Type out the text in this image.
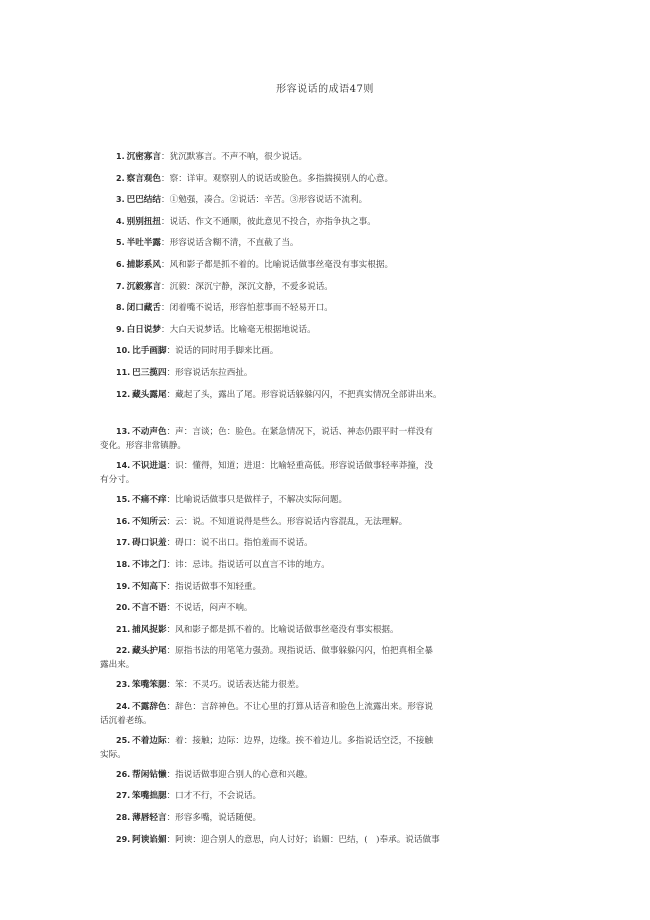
形容说话的成语47则
1. 沉密寡言：犹沉默寡言。不声不响，很少说话。
2. 察言观色：察：详审。观察别人的说话或脸色。多指揣摸别人的心意。
3. 巴巴结结：①勉强，凑合。②说话：辛苦。③形容说话不流利。
4. 别别扭扭：说话、作文不通顺，彼此意见不投合，亦指争执之事。
5. 半吐半露：形容说话含糊不清，不直截了当。
6. 捕影系风：风和影子都是抓不着的。比喻说话做事丝毫没有事实根据。
7. 沉毅寡言：沉毅：深沉宁静，深沉文静，不爱多说话。
8. 闭口藏舌：闭着嘴不说话，形容怕惹事而不轻易开口。
9. 白日说梦：大白天说梦话。比喻毫无根据地说话。
10. 比手画脚：说话的同时用手脚来比画。
11. 巴三揽四：形容说话东拉西扯。
12. 藏头露尾：藏起了头，露出了尾。形容说话躲躲闪闪，不把真实情况全部讲出来。
13. 不动声色：声：言谈；色：脸色。在紧急情况下，说话、神态仍跟平时一样没有
变化。形容非常镇静。
14. 不识进退：识：懂得，知道；进退：比喻轻重高低。形容说话做事轻率莽撞，没
有分寸。
15. 不痛不痒：比喻说话做事只是做样子，不解决实际问题。
16. 不知所云：云：说。不知道说得是些么。形容说话内容混乱，无法理解。
17. 碍口识羞：碍口：说不出口。指怕羞而不说话。
18. 不讳之门：讳：忌讳。指说话可以直言不讳的地方。
19. 不知高下：指说话做事不知轻重。
20. 不言不语：不说话，闷声不响。
21. 捕风捉影：风和影子都是抓不着的。比喻说话做事丝毫没有事实根据。
22. 藏头护尾：原指书法的用笔笔力强劲。现指说话、做事躲躲闪闪，怕把真相全暴
露出来。
23. 笨嘴笨腮：笨：不灵巧。说话表达能力很差。
24. 不露辞色：辞色：言辞神色。不让心里的打算从话音和脸色上流露出来。形容说
话沉着老练。
25. 不着边际：着：接触；边际：边界，边缘。挨不着边儿。多指说话空泛，不接触
实际。
26. 帮闲钻懒：指说话做事迎合别人的心意和兴趣。
27. 笨嘴拙腮：口才不行，不会说话。
28. 薄唇轻言：形容多嘴，说话随便。
29. 阿谀谄媚：阿谀：迎合别人的意思，向人讨好；谄媚：巴结，(　)奉承。说话做事
